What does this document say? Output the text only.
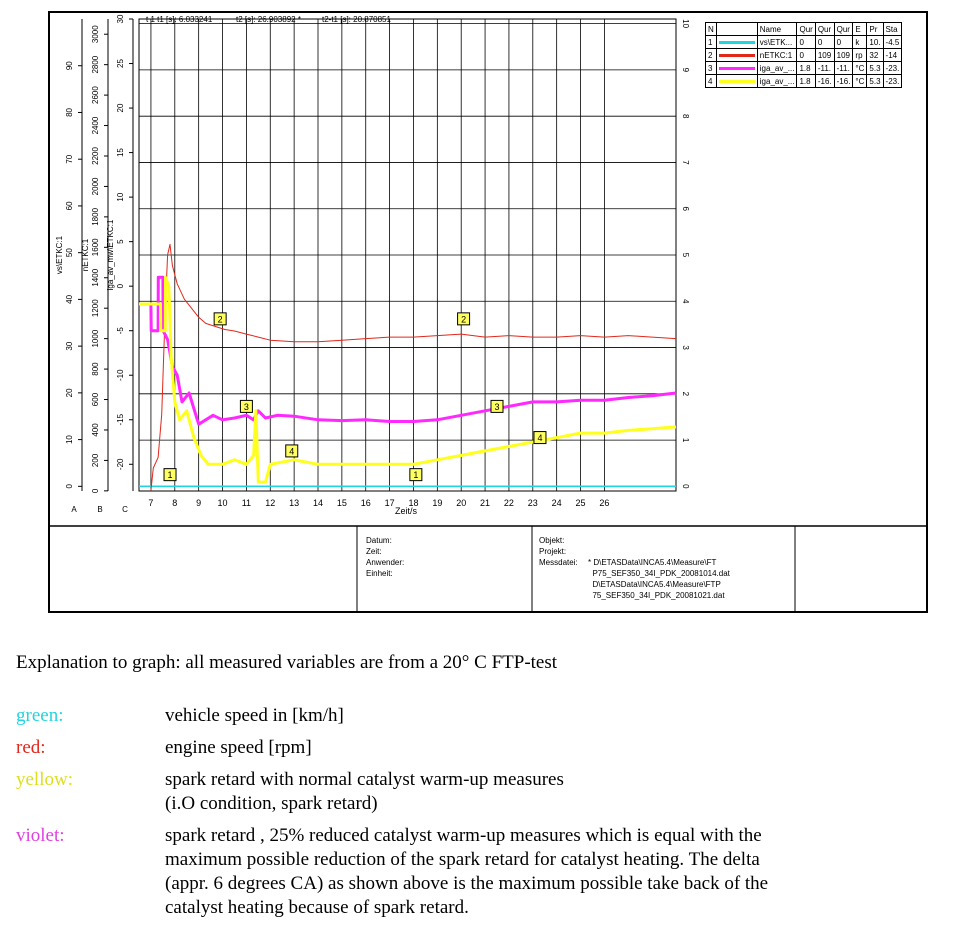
7 8 9 10 11 12 13 14 15 16 17 18 19 20 21 22 23 24 25 26
0
1
2
3
4
5
6
7
8
9
10
0
10
20
30
40
50
60
70
80
90
vs\ETKC:1
A
0
200
400
600
800
1000
1200
1400
1600
1800
2000
2200
2400
2600
2800
3000
nETKC:1
B
-20
-15
-10
-5
0
5
10
15
20
25
30
iga_av_mw\ETKC:1
C
1
2
3
4
1
2
3
4
t 1 t1 [s]: 6.033241	t2 [s]: 26.903892 *	t2-t1 [s]: 20.870851
Zeit/s
N		Name	Qur	Qur	Qur	E	Pr	Sta
1		vs\ETK...	0	0	0	k	10.	-4.5
2		nETKC:1	0	109	109	rp	32	-14
3		iga_av_...	1.8	-11.	-11.	°C	5.3	-23.
4		iga_av_...	1.8	-16.	-16.	°C	5.3	-23.
Datum:
Zeit:
Anwender:
Einheit:
Objekt:
Projekt:
Messdatei: * D\ETASData\INCA5.4\Measure\FT
P75_SEF350_34I_PDK_20081014.dat
D\ETASData\INCA5.4\Measure\FTP
75_SEF350_34I_PDK_20081021.dat
Explanation to graph: all measured variables are from a 20° C FTP-test
green:	vehicle speed in [km/h]
red:	engine speed [rpm]
yellow:	spark retard with normal catalyst warm-up measures
(i.O condition, spark retard)
violet:	spark retard , 25% reduced catalyst warm-up measures which is equal with the
maximum possible reduction of the spark retard for catalyst heating. The delta
(appr. 6 degrees CA) as shown above is the maximum possible take back of the
catalyst heating because of spark retard.
